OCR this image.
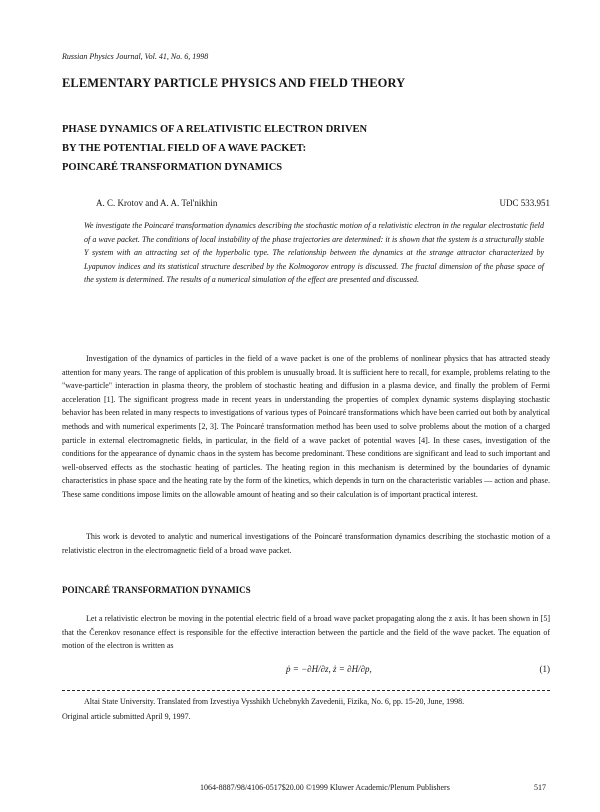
Russian Physics Journal, Vol. 41, No. 6, 1998
ELEMENTARY PARTICLE PHYSICS AND FIELD THEORY
PHASE DYNAMICS OF A RELATIVISTIC ELECTRON DRIVEN
BY THE POTENTIAL FIELD OF A WAVE PACKET:
POINCARÉ TRANSFORMATION DYNAMICS
A. C. Krotov and A. A. Tel'nikhin	UDC 533.951

We investigate the Poincaré transformation dynamics describing the stochastic motion of a relativistic electron in the regular electrostatic field of a wave packet. The conditions of local instability of the phase trajectories are determined: it is shown that the system is a structurally stable Y system with an attracting set of the hyperbolic type. The relationship between the dynamics at the strange attractor characterized by Lyapunov indices and its statistical structure described by the Kolmogorov entropy is discussed. The fractal dimension of the phase space of the system is determined. The results of a numerical simulation of the effect are presented and discussed.

Investigation of the dynamics of particles in the field of a wave packet is one of the problems of nonlinear physics that has attracted steady attention for many years. The range of application of this problem is unusually broad. It is sufficient here to recall, for example, problems relating to the "wave-particle" interaction in plasma theory, the problem of stochastic heating and diffusion in a plasma device, and finally the problem of Fermi acceleration [1]. The significant progress made in recent years in understanding the properties of complex dynamic systems displaying stochastic behavior has been related in many respects to investigations of various types of Poincaré transformations which have been carried out both by analytical methods and with numerical experiments [2, 3]. The Poincaré transformation method has been used to solve problems about the motion of a charged particle in external electromagnetic fields, in particular, in the field of a wave packet of potential waves [4]. In these cases, investigation of the conditions for the appearance of dynamic chaos in the system has become predominant. These conditions are significant and lead to such important and well-observed effects as the stochastic heating of particles. The heating region in this mechanism is determined by the boundaries of dynamic characteristics in phase space and the heating rate by the form of the kinetics, which depends in turn on the characteristic variables — action and phase. These same conditions impose limits on the allowable amount of heating and so their calculation is of important practical interest.

This work is devoted to analytic and numerical investigations of the Poincaré transformation dynamics describing the stochastic motion of a relativistic electron in the electromagnetic field of a broad wave packet.

POINCARÉ TRANSFORMATION DYNAMICS

Let a relativistic electron be moving in the potential electric field of a broad wave packet propagating along the z axis. It has been shown in [5] that the Čerenkov resonance effect is responsible for the effective interaction between the particle and the field of the wave packet. The equation of motion of the electron is written as

ṗ = −∂H/∂z, ż = ∂H/∂p,	(1)
Altai State University. Translated from Izvestiya Vysshikh Uchebnykh Zavedenii, Fizika, No. 6, pp. 15-20, June, 1998.
Original article submitted April 9, 1997.
1064-8887/98/4106-0517$20.00 ©1999 Kluwer Academic/Plenum Publishers	517
